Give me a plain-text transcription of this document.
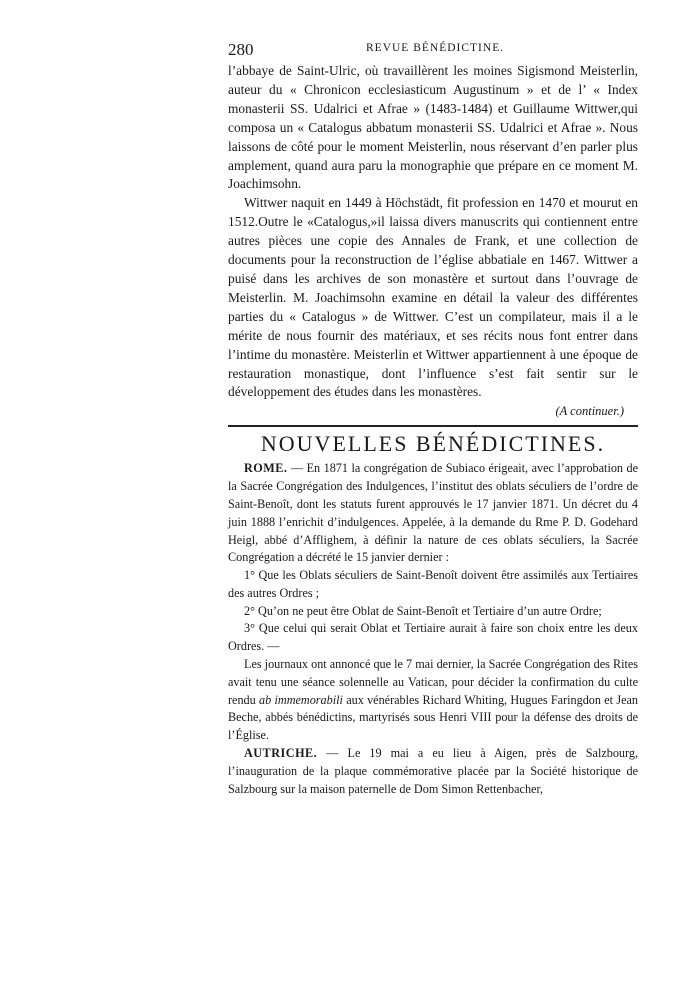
280	REVUE BÉNÉDICTINE.

l’abbaye de Saint-Ulric, où travaillèrent les moines Sigismond Meisterlin, auteur du « Chronicon ecclesiasticum Augustinum » et de l’ « Index monasterii SS. Udalrici et Afrae » (1483-1484) et Guillaume Wittwer,qui composa un « Catalogus abbatum monasterii SS. Udalrici et Afrae ». Nous laissons de côté pour le moment Meisterlin, nous réservant d’en parler plus amplement, quand aura paru la monographie que prépare en ce moment M. Joachimsohn.

Wittwer naquit en 1449 à Höchstädt, fit profession en 1470 et mourut en 1512.Outre le «Catalogus,»il laissa divers manuscrits qui contiennent entre autres pièces une copie des Annales de Frank, et une collection de documents pour la reconstruction de l’église abbatiale en 1467. Wittwer a puisé dans les archives de son monastère et surtout dans l’ouvrage de Meisterlin. M. Joachimsohn examine en détail la valeur des différentes parties du « Catalogus » de Wittwer. C’est un compilateur, mais il a le mérite de nous fournir des matériaux, et ses récits nous font entrer dans l’intime du monastère. Meisterlin et Wittwer appartiennent à une époque de restauration monastique, dont l’influence s’est fait sentir sur le développement des études dans les monastères.

(A continuer.)
NOUVELLES BÉNÉDICTINES.

ROME. — En 1871 la congrégation de Subiaco érigeait, avec l’approbation de la Sacrée Congrégation des Indulgences, l’institut des oblats séculiers de l’ordre de Saint-Benoît, dont les statuts furent approuvés le 17 janvier 1871. Un décret du 4 juin 1888 l’enrichit d’indulgences. Appelée, à la demande du Rme P. D. Godehard Heigl, abbé d’Afflighem, à définir la nature de ces oblats séculiers, la Sacrée Congrégation a décrété le 15 janvier dernier :

1° Que les Oblats séculiers de Saint-Benoît doivent être assimilés aux Tertiaires des autres Ordres ;

2° Qu’on ne peut être Oblat de Saint-Benoît et Tertiaire d’un autre Ordre;

3° Que celui qui serait Oblat et Tertiaire aurait à faire son choix entre les deux Ordres. —

Les journaux ont annoncé que le 7 mai dernier, la Sacrée Congrégation des Rites avait tenu une séance solennelle au Vatican, pour décider la confirmation du culte rendu ab immemorabili aux vénérables Richard Whiting, Hugues Faringdon et Jean Beche, abbés bénédictins, martyrisés sous Henri VIII pour la défense des droits de l’Église.

AUTRICHE. — Le 19 mai a eu lieu à Aigen, près de Salzbourg, l’inauguration de la plaque commémorative placée par la Société historique de Salzbourg sur la maison paternelle de Dom Simon Rettenbacher,
